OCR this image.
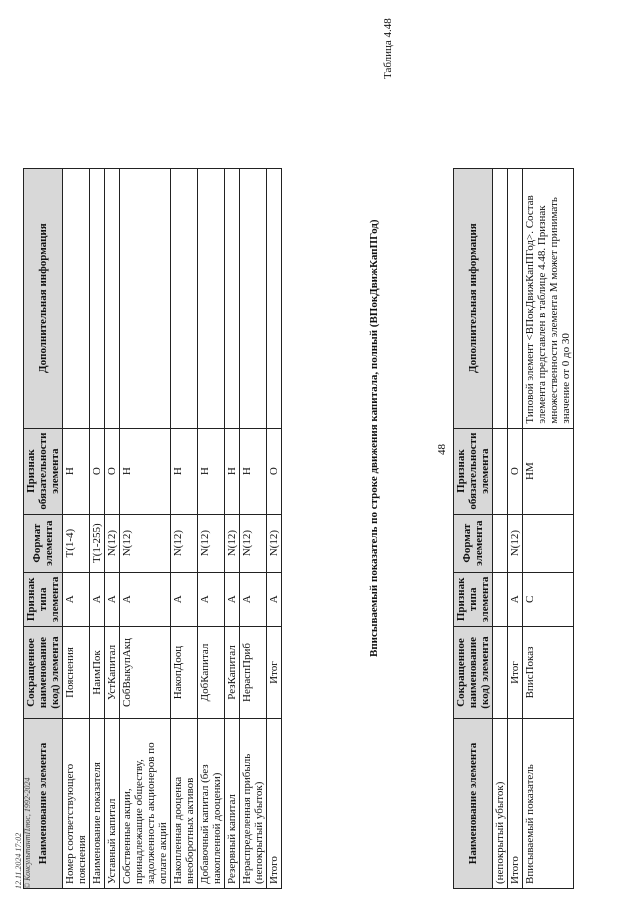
48
Наименование элемента	Сокращенное наименование (код) элемента	Признак типа элемента	Формат элемента	Признак обязательности элемента	Дополнительная информация
(непокрытый убыток)					
Итого	Итог	А	N(12)	О	
Вписываемый показатель	ВписПоказ	С		НМ	Типовой элемент <ВПокДвижКапПГод>. Состав элемента представлен в таблице 4.48. Признак множественности элемента М может принимать значение от 0 до 30
Таблица 4.48
Вписываемый показатель по строке движения капитала, полный (ВПокДвижКапПГод)
Наименование элемента	Сокращенное наименование (код) элемента	Признак типа элемента	Формат элемента	Признак обязательности элемента	Дополнительная информация
Номер соответствующего пояснения	Пояснения	А	T(1-4)	Н	
Наименование показателя	НаимПок	А	T(1-255)	О	
Уставный капитал	УстКапитал	А	N(12)	О	
Собственные акции, принадлежащие обществу, задолженность акционеров по оплате акций	СобВыкупАкц	А	N(12)	Н	
Накопленная дооценка внеоборотных активов	НакопДооц	А	N(12)	Н	
Добавочный капитал (без накопленной дооценки)	ДобКапитал	А	N(12)	Н	
Резервный капитал	РезКапитал	А	N(12)	Н	
Нераспределенная прибыль (непокрытый убыток)	НераспПриб	А	N(12)	Н	
Итого	Итог	А	N(12)	О	
12.11.2024 17:02 © КонсультантПлюс, 1992-2024
